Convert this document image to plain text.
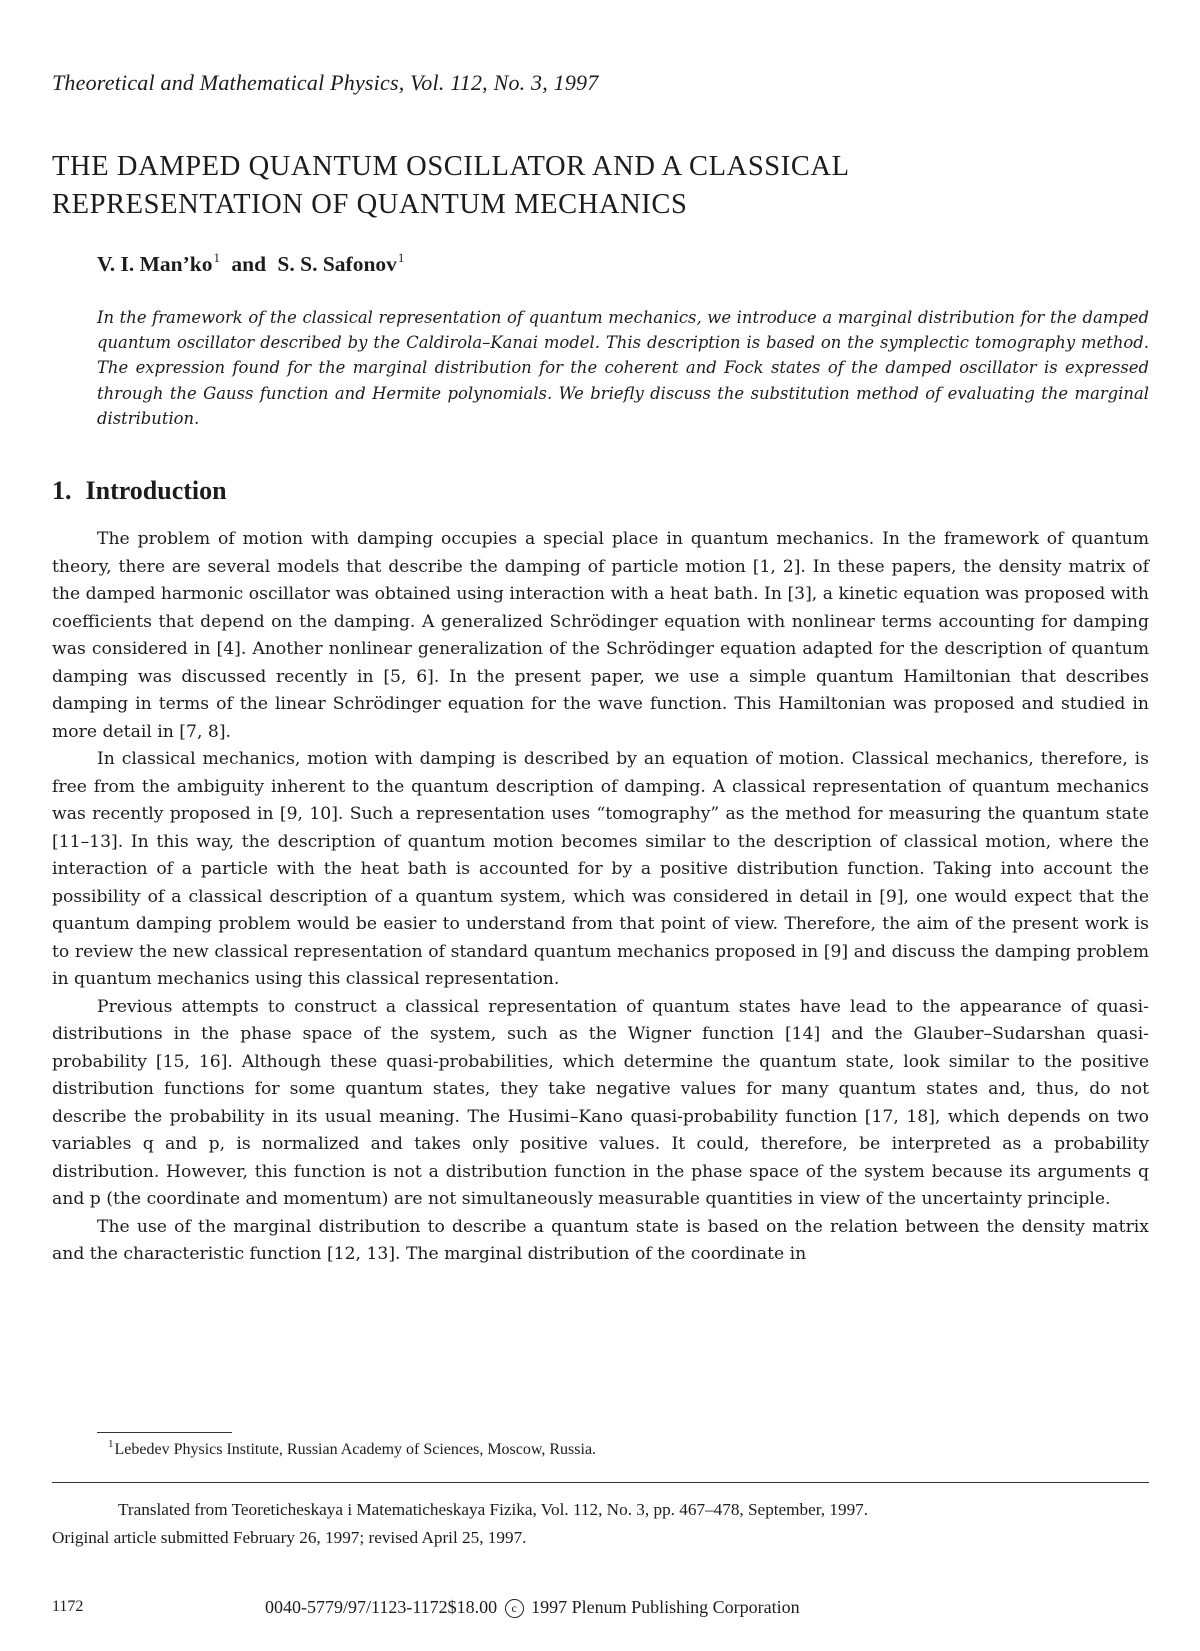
Theoretical and Mathematical Physics, Vol. 112, No. 3, 1997
THE DAMPED QUANTUM OSCILLATOR AND A CLASSICAL
REPRESENTATION OF QUANTUM MECHANICS
V. I. $Man’ko^1$ and S. S. Safonov$^1$
In the framework of the classical representation of quantum mechanics, we introduce a marginal distribution for the damped quantum oscillator described by the Caldirola–Kanai model. This description is based on the symplectic tomography method. The expression found for the marginal distribution for the coherent and Fock states of the damped oscillator is expressed through the Gauss function and Hermite polynomials. We briefly discuss the substitution method of evaluating the marginal distribution.
1. Introduction

The problem of motion with damping occupies a special place in quantum mechanics. In the framework of quantum theory, there are several models that describe the damping of particle motion [1, 2]. In these papers, the density matrix of the damped harmonic oscillator was obtained using interaction with a heat bath. In [3], a kinetic equation was proposed with coefficients that depend on the damping. A generalized Schrödinger equation with nonlinear terms accounting for damping was considered in [4]. Another nonlinear generalization of the Schrödinger equation adapted for the description of quantum damping was discussed recently in [5, 6]. In the present paper, we use a simple quantum Hamiltonian that describes damping in terms of the linear Schrödinger equation for the wave function. This Hamiltonian was proposed and studied in more detail in [7, 8].

In classical mechanics, motion with damping is described by an equation of motion. Classical mechanics, therefore, is free from the ambiguity inherent to the quantum description of damping. A classical representation of quantum mechanics was recently proposed in [9, 10]. Such a representation uses “tomography” as the method for measuring the quantum state [11–13]. In this way, the description of quantum motion becomes similar to the description of classical motion, where the interaction of a particle with the heat bath is accounted for by a positive distribution function. Taking into account the possibility of a classical description of a quantum system, which was considered in detail in [9], one would expect that the quantum damping problem would be easier to understand from that point of view. Therefore, the aim of the present work is to review the new classical representation of standard quantum mechanics proposed in [9] and discuss the damping problem in quantum mechanics using this classical representation.

Previous attempts to construct a classical representation of quantum states have lead to the appearance of quasi-distributions in the phase space of the system, such as the Wigner function [14] and the Glauber–Sudarshan quasi-probability [15, 16]. Although these quasi-probabilities, which determine the quantum state, look similar to the positive distribution functions for some quantum states, they take negative values for many quantum states and, thus, do not describe the probability in its usual meaning. The Husimi–Kano quasi-probability function [17, 18], which depends on two variables q and p, is normalized and takes only positive values. It could, therefore, be interpreted as a probability distribution. However, this function is not a distribution function in the phase space of the system because its arguments q and p (the coordinate and momentum) are not simultaneously measurable quantities in view of the uncertainty principle.

The use of the marginal distribution to describe a quantum state is based on the relation between the density matrix and the characteristic function [12, 13]. The marginal distribution of the coordinate in

$^1$Lebedev Physics Institute, Russian Academy of Sciences, Moscow, Russia.
Translated from Teoreticheskaya i Matematicheskaya Fizika, Vol. 112, No. 3, pp. 467–478, September, 1997.
Original article submitted February 26, 1997; revised April 25, 1997.
1172	0040-5779/97/1123-1172$18.00 c 1997 Plenum Publishing Corporation
